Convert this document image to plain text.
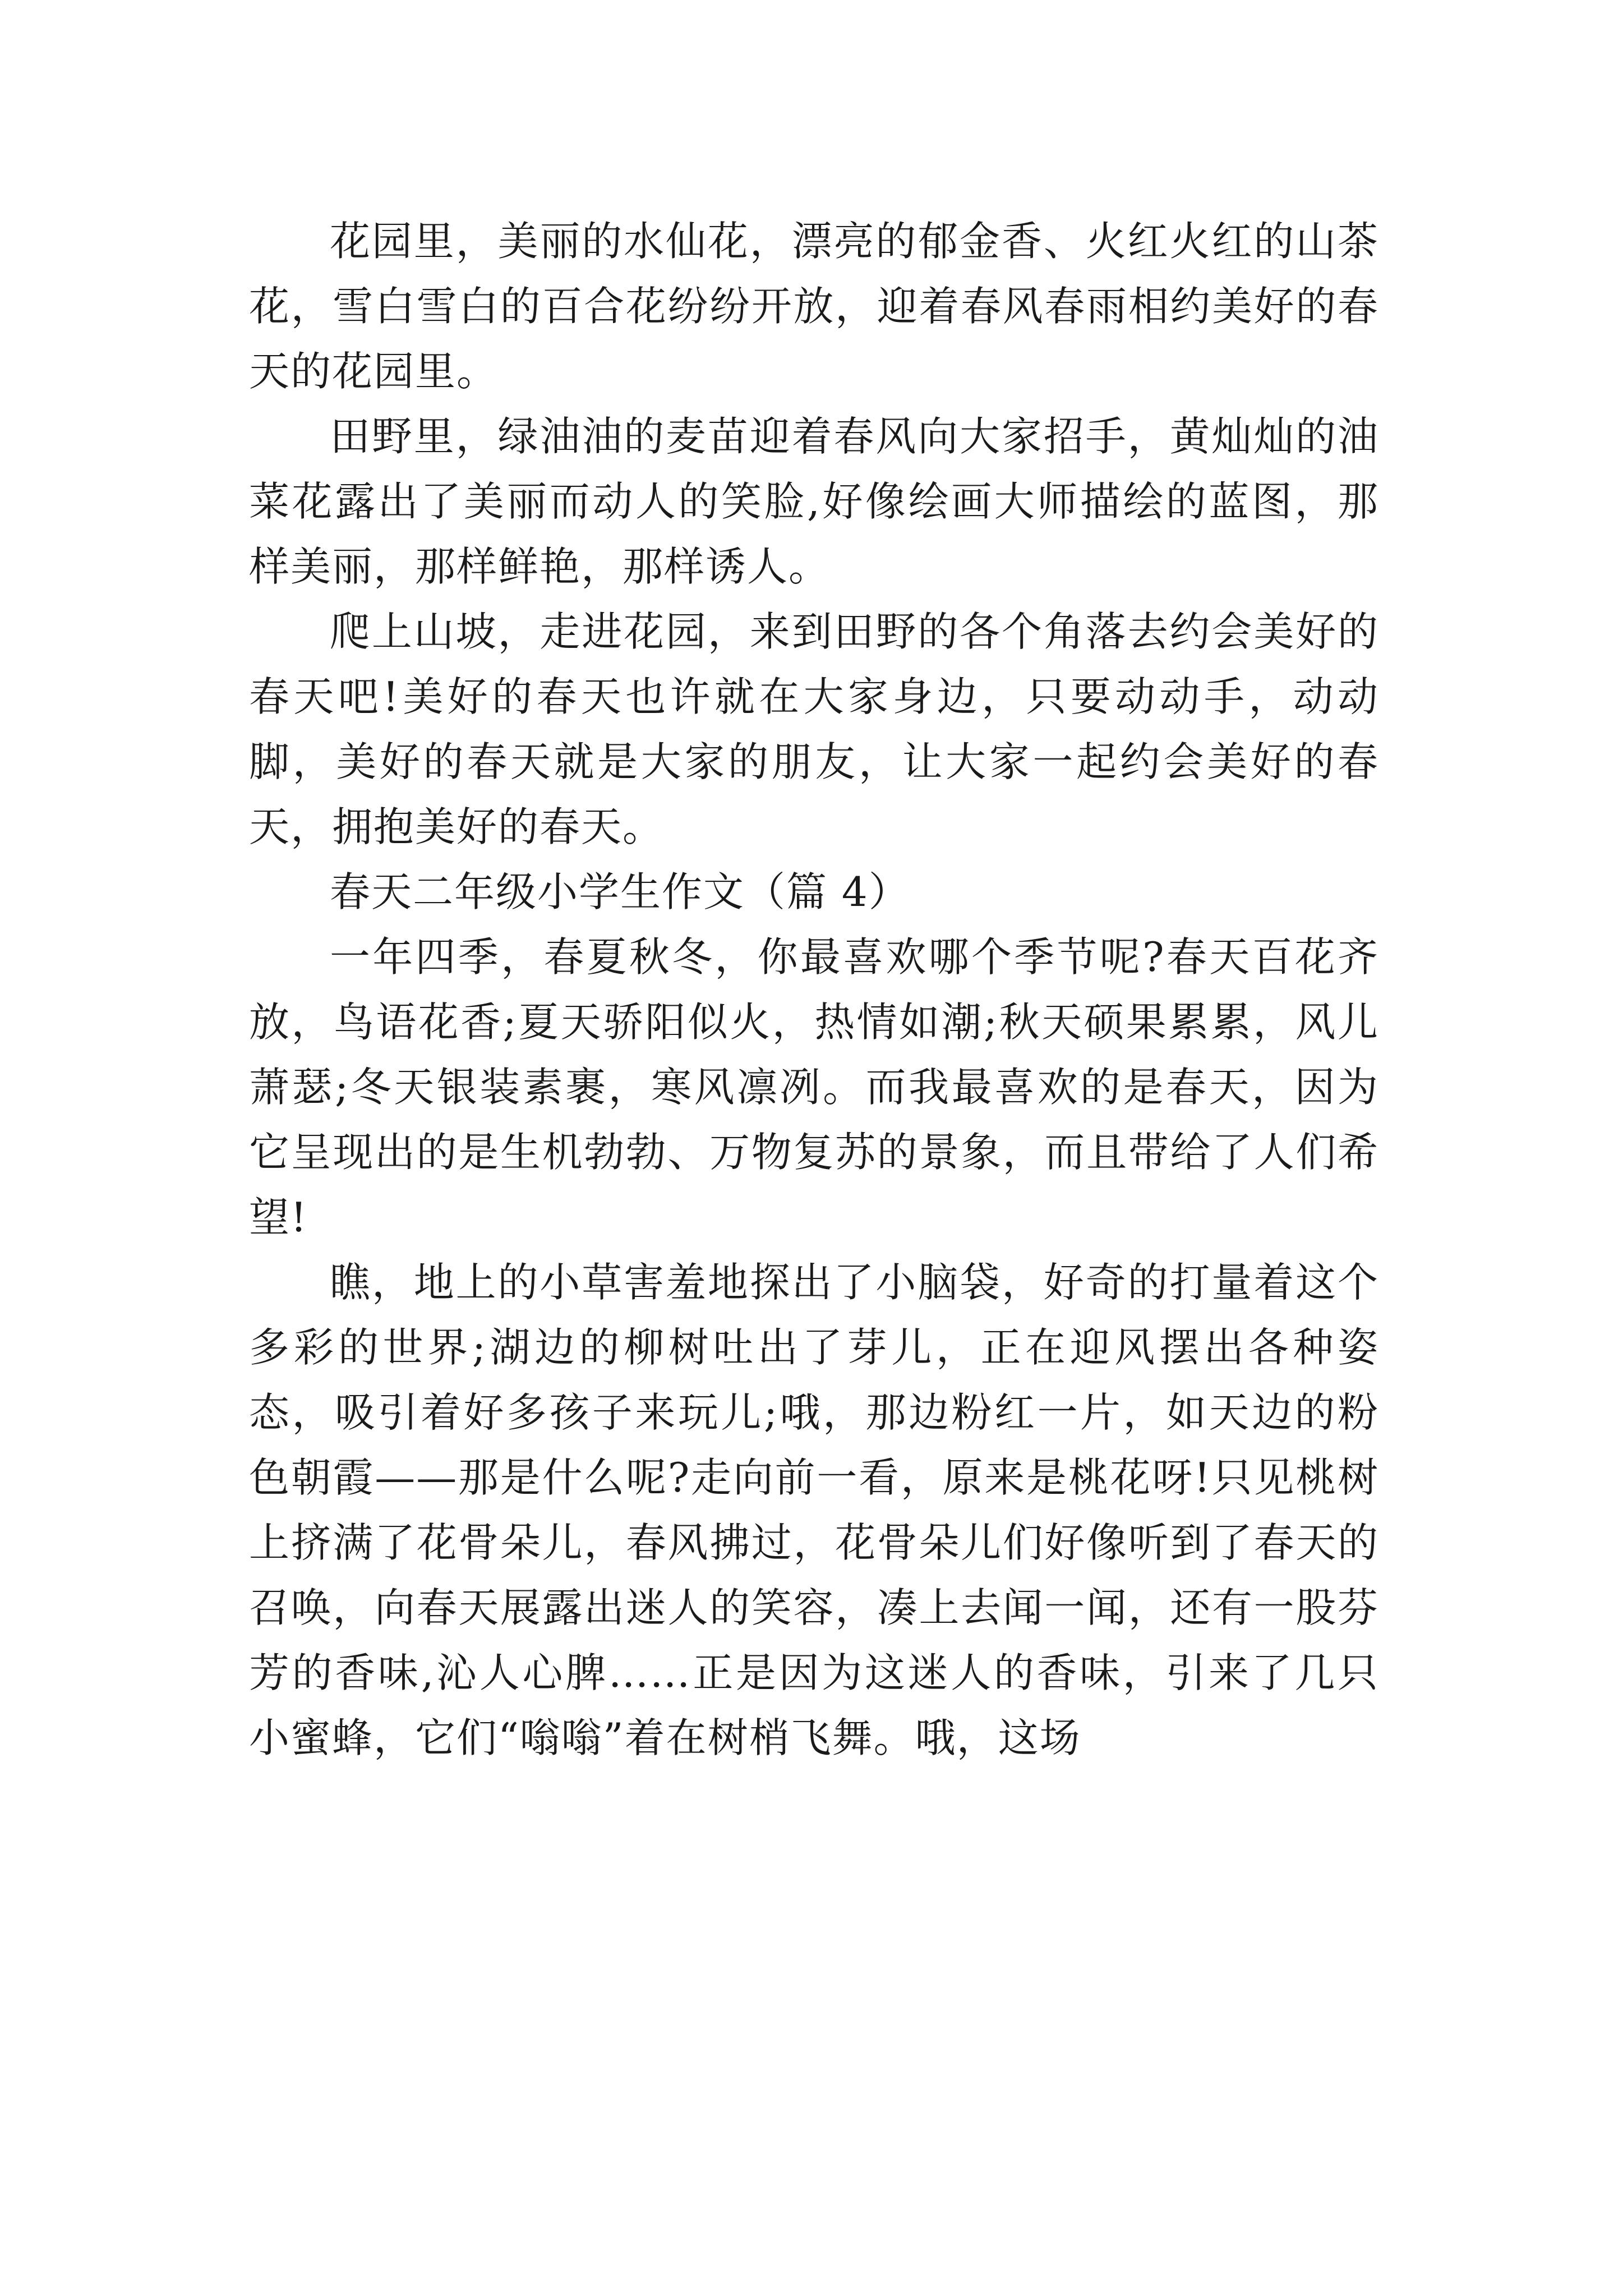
花园里，美丽的水仙花，漂亮的郁金香、火红火红的山茶花，雪白雪白的百合花纷纷开放，迎着春风春雨相约美好的春天的花园里。

田野里，绿油油的麦苗迎着春风向大家招手，黄灿灿的油菜花露出了美丽而动人的笑脸,好像绘画大师描绘的蓝图，那样美丽，那样鲜艳，那样诱人。

爬上山坡，走进花园，来到田野的各个角落去约会美好的春天吧!美好的春天也许就在大家身边，只要动动手，动动脚，美好的春天就是大家的朋友，让大家一起约会美好的春天，拥抱美好的春天。

春天二年级小学生作文（篇 4）

一年四季，春夏秋冬，你最喜欢哪个季节呢?春天百花齐放，鸟语花香;夏天骄阳似火，热情如潮;秋天硕果累累，风儿萧瑟;冬天银装素裹，寒风凛冽。而我最喜欢的是春天，因为它呈现出的是生机勃勃、万物复苏的景象，而且带给了人们希望!

瞧，地上的小草害羞地探出了小脑袋，好奇的打量着这个多彩的世界;湖边的柳树吐出了芽儿，正在迎风摆出各种姿态，吸引着好多孩子来玩儿;哦，那边粉红一片，如天边的粉色朝霞——那是什么呢?走向前一看，原来是桃花呀!只见桃树上挤满了花骨朵儿，春风拂过，花骨朵儿们好像听到了春天的召唤，向春天展露出迷人的笑容，凑上去闻一闻，还有一股芬芳的香味,沁人心脾……正是因为这迷人的香味，引来了几只小蜜蜂，它们“嗡嗡”着在树梢飞舞。哦，这场
